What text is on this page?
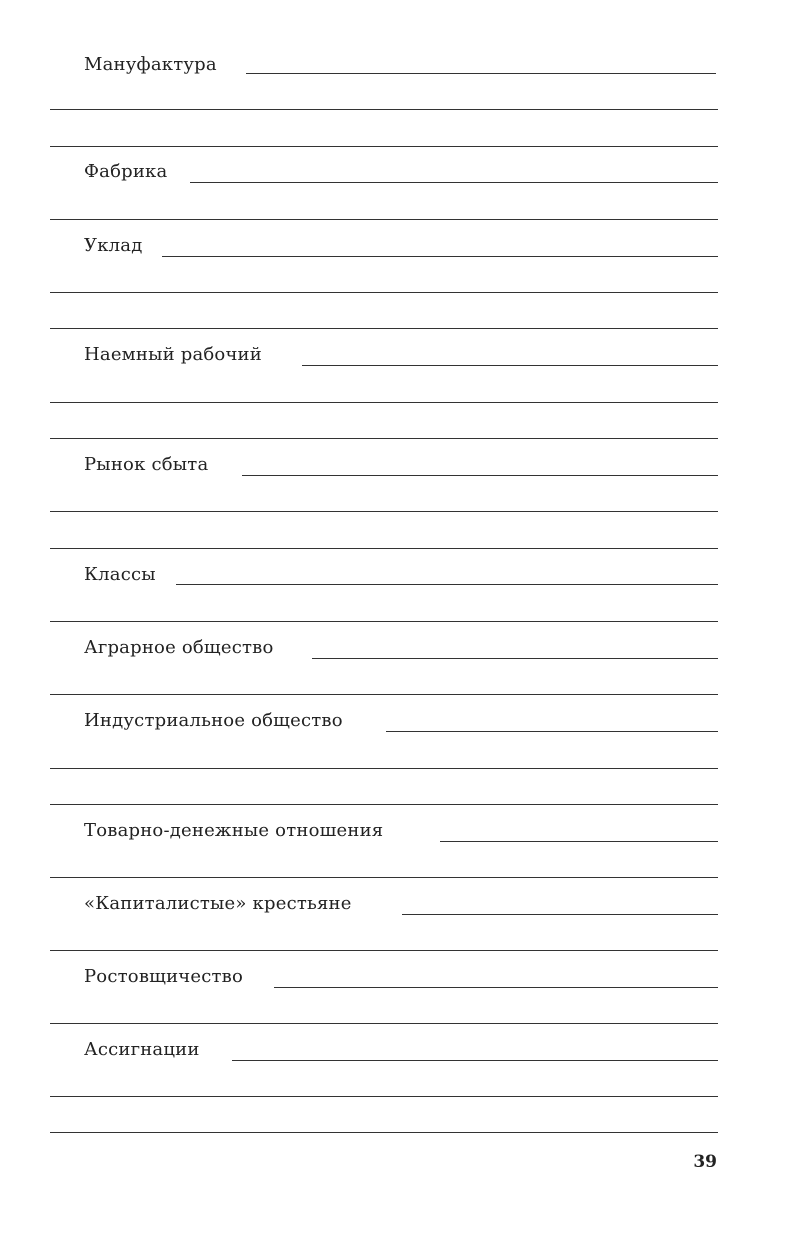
Мануфактура
Фабрика
Уклад
Наемный рабочий
Рынок сбыта
Классы
Аграрное общество
Индустриальное общество
Товарно-денежные отношения
«Капиталистые» крестьяне
Ростовщичество
Ассигнации
39
